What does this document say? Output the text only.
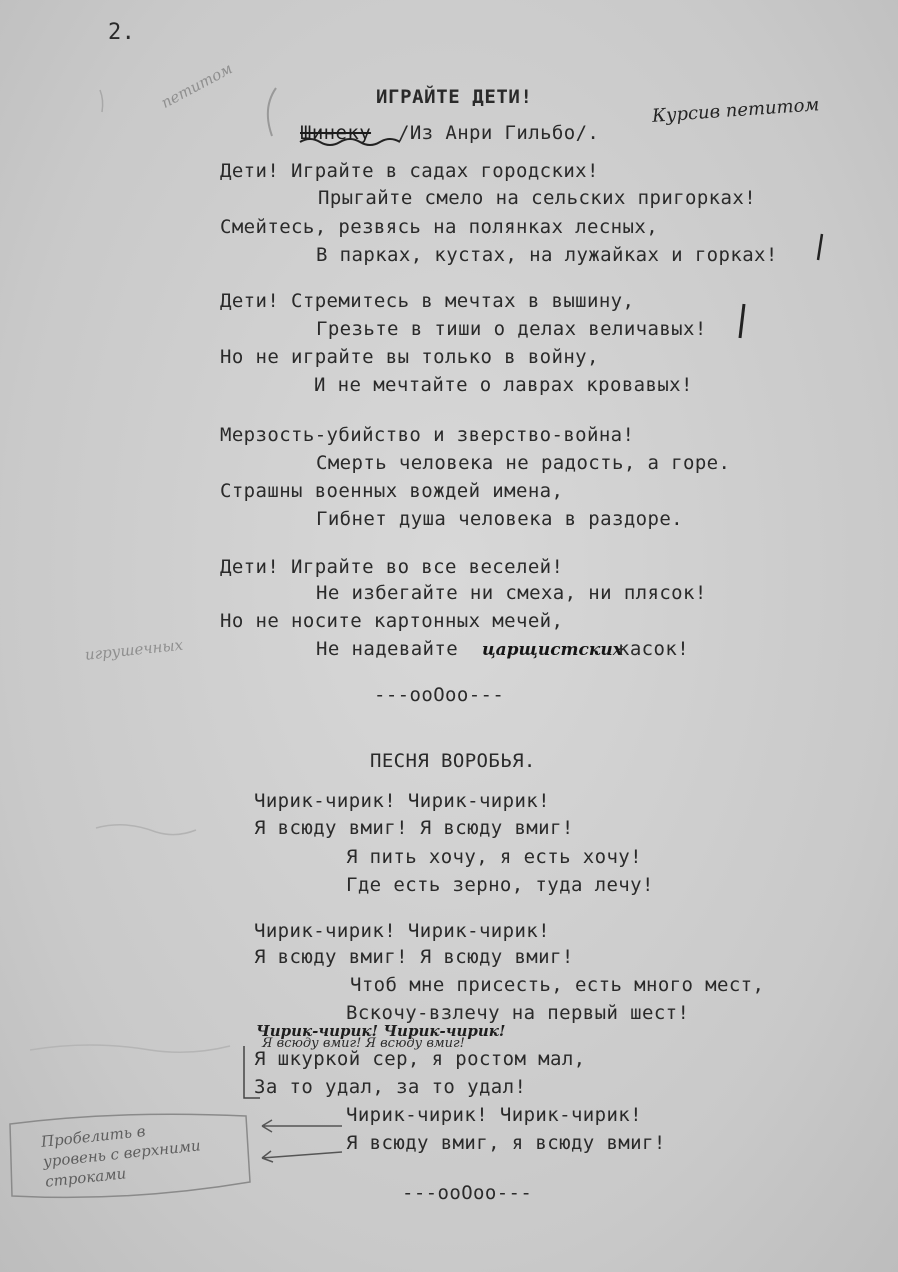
2.
ИГРАЙТЕ ДЕТИ!
Шинеку /Из Анри Гильбо/.
Дети! Играйте в садах городских!
Прыгайте смело на сельских пригорках!
Смейтесь, резвясь на полянках лесных,
В парках, кустах, на лужайках и горках!
Дети! Стремитесь в мечтах в вышину,
Грезьте в тиши о делах величавых!
Но не играйте вы только в войну,
И не мечтайте о лаврах кровавых!
Мерзость-убийство и зверство-война!
Смерть человека не радость, а горе.
Страшны военных вождей имена,
Гибнет душа человека в раздоре.
Дети! Играйте во все веселей!
Не избегайте ни смеха, ни плясок!
Но не носите картонных мечей,
Не надевайте царщистских
касок!
---ooOoo---
ПЕСНЯ ВОРОБЬЯ.
Чирик-чирик! Чирик-чирик!
Я всюду вмиг! Я всюду вмиг!
Я пить хочу, я есть хочу!
Где есть зерно, туда лечу!
Чирик-чирик! Чирик-чирик!
Я всюду вмиг! Я всюду вмиг!
Чтоб мне присесть, есть много мест,
Вскочу-взлечу на первый шест!
Чирик-чирик! Чирик-чирик!
Я всюду вмиг! Я всюду вмиг!
Я шкуркой сер, я ростом мал,
За то удал, за то удал!
Чирик-чирик! Чирик-чирик!
Я всюду вмиг, я всюду вмиг!
---ooOoo---
петитом	Курсив петитом
игрушечных
Пробелить в уровень с верхними строками
